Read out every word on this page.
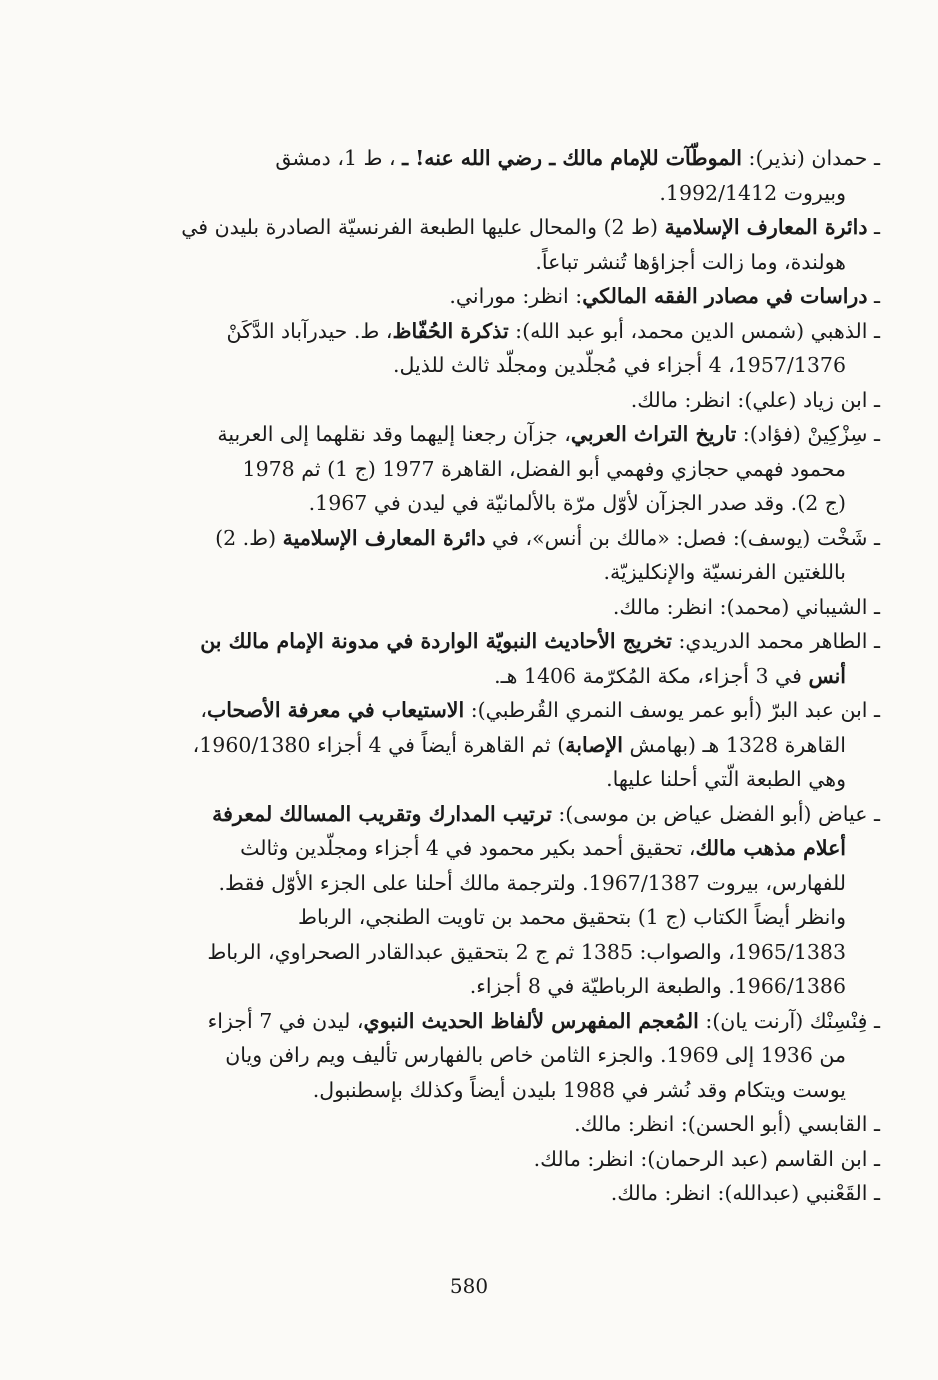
ـ حمدان (نذير): الموطّآت للإمام مالك ـ رضي الله عنه! ـ ، ط 1، دمشق
وبيروت 1992/1412.
ـ دائرة المعارف الإسلامية (ط 2) والمحال عليها الطبعة الفرنسيّة الصادرة بليدن في
هولندة، وما زالت أجزاؤها تُنشر تباعاً.
ـ دراسات في مصادر الفقه المالكي: انظر: موراني.
ـ الذهبي (شمس الدين محمد، أبو عبد الله): تذكرة الحُفّاظ، ط. حيدرآباد الدَّكَنْ
1957/1376، 4 أجزاء في مُجلّدين ومجلّد ثالث للذيل.
ـ ابن زياد (علي): انظر: مالك.
ـ سِزْكِينْ (فؤاد): تاريخ التراث العربي، جزآن رجعنا إليهما وقد نقلهما إلى العربية
محمود فهمي حجازي وفهمي أبو الفضل، القاهرة 1977 (ج 1) ثم 1978
(ج 2). وقد صدر الجزآن لأوّل مرّة بالألمانيّة في ليدن في 1967.
ـ شَخْت (يوسف): فصل: «مالك بن أنس»، في دائرة المعارف الإسلامية (ط. 2)
باللغتين الفرنسيّة والإنكليزيّة.
ـ الشيباني (محمد): انظر: مالك.
ـ الطاهر محمد الدريدي: تخريج الأحاديث النبويّة الواردة في مدونة الإمام مالك بن
أنس في 3 أجزاء، مكة المُكرّمة 1406 هـ.
ـ ابن عبد البرّ (أبو عمر يوسف النمري القُرطبي): الاستيعاب في معرفة الأصحاب،
القاهرة 1328 هـ (بهامش الإصابة) ثم القاهرة أيضاً في 4 أجزاء 1960/1380،
وهي الطبعة الّتي أحلنا عليها.
ـ عياض (أبو الفضل عياض بن موسى): ترتيب المدارك وتقريب المسالك لمعرفة
أعلام مذهب مالك، تحقيق أحمد بكير محمود في 4 أجزاء ومجلّدين وثالث
للفهارس، بيروت 1967/1387. ولترجمة مالك أحلنا على الجزء الأوّل فقط.
وانظر أيضاً الكتاب (ج 1) بتحقيق محمد بن تاويت الطنجي، الرباط
1965/1383، والصواب: 1385 ثم ج 2 بتحقيق عبدالقادر الصحراوي، الرباط
1966/1386. والطبعة الرباطيّة في 8 أجزاء.
ـ فِنْسِنْك (آرنت يان): المُعجم المفهرس لألفاظ الحديث النبوي، ليدن في 7 أجزاء
من 1936 إلى 1969. والجزء الثامن خاص بالفهارس تأليف ويم رافن ويان
يوست ويتكام وقد نُشر في 1988 بليدن أيضاً وكذلك بإسطنبول.
ـ القابسي (أبو الحسن): انظر: مالك.
ـ ابن القاسم (عبد الرحمان): انظر: مالك.
ـ القَعْنبي (عبدالله): انظر: مالك.
580
